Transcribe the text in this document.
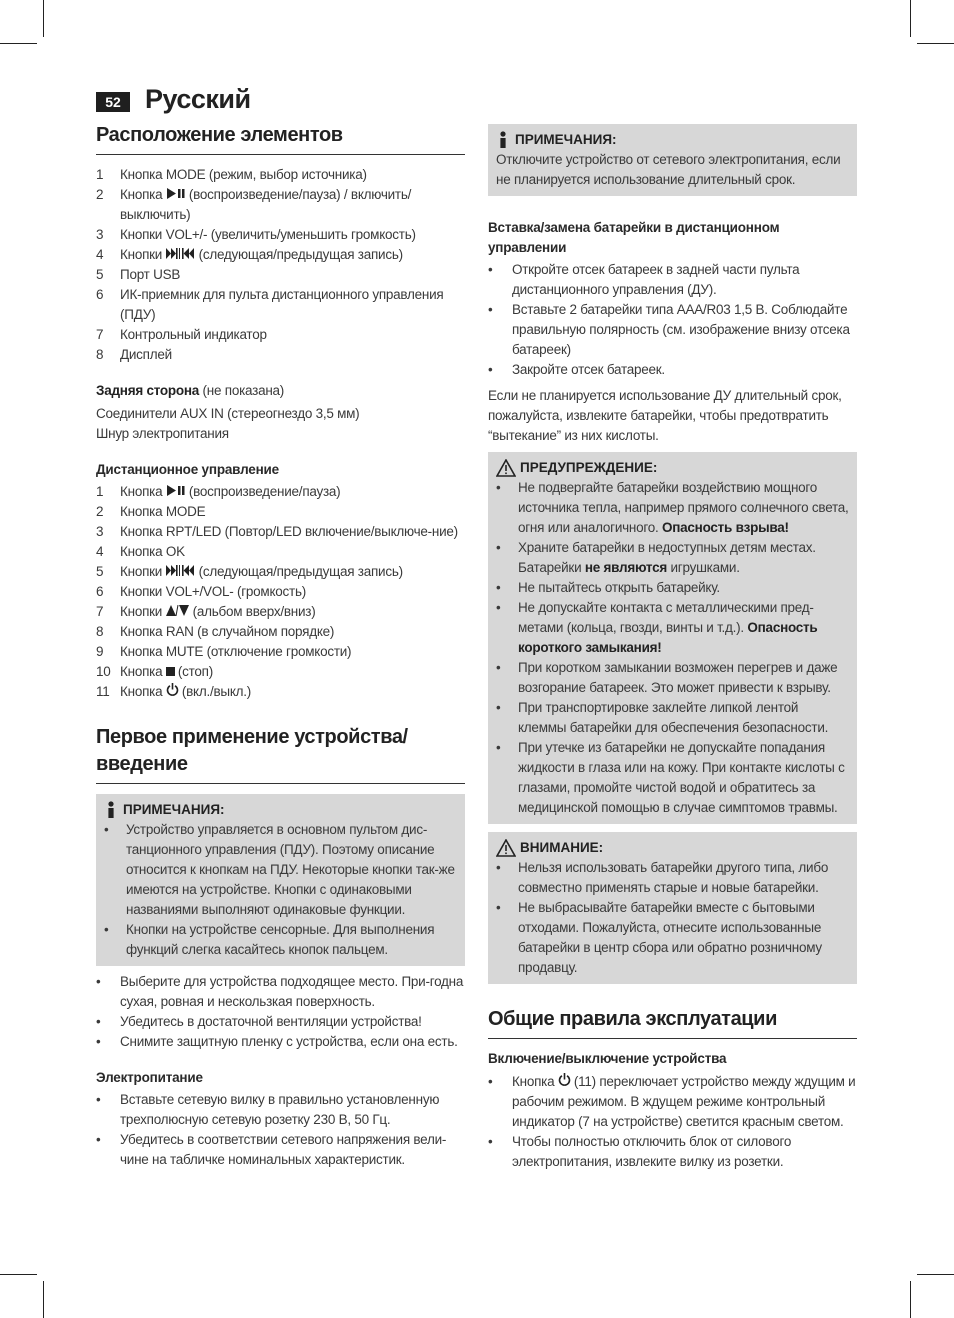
52 Русский
Расположение элементов
1	Кнопка MODE (режим, выбор источника)
2	Кнопка (воспроизведение/пауза) / включить/ выключить)
3	Кнопки VOL+/- (увеличить/уменьшить громкость)
4	Кнопки (следующая/предыдущая запись)
5	Порт USB
6	ИК-приемник для пульта дистанционного управления (ПДУ)
7	Контрольный индикатор
8	Дисплей
Задняя сторона (не показана)
Соединители AUX IN (стереогнездо 3,5 мм)
Шнур электропитания
Дистанционное управление
1	Кнопка (воспроизведение/пауза)
2	Кнопка MODE
3	Кнопка RPT/LED (Повтор/LED включение/выключе-ние)
4	Кнопка OK
5	Кнопки (следующая/предыдущая запись)
6	Кнопки VOL+/VOL- (громкость)
7	Кнопки (альбом вверх/вниз)
8	Кнопка RAN (в случайном порядке)
9	Кнопка MUTE (отключение громкости)
10 Кнопка (стоп)
11 Кнопка (вкл./выкл.)
Первое применение устройства/
введение
ПРИМЕЧАНИЯ:
•	Устройство управляется в основном пультом дис-танционного управления (ПДУ). Поэтому описание относится к кнопкам на ПДУ. Некоторые кнопки так-же имеются на устройстве. Кнопки с одинаковыми названиями выполняют одинаковые функции.
•	Кнопки на устройстве сенсорные. Для выполнения функций слегка касайтесь кнопок пальцем.
•	Выберите для устройства подходящее место. При-годна сухая, ровная и нескользкая поверхность.
•	Убедитесь в достаточной вентиляции устройства!
•	Снимите защитную пленку с устройства, если она есть.
Электропитание
•	Вставьте сетевую вилку в правильно установленную трехполюсную сетевую розетку 230 В, 50 Гц.
•	Убедитесь в соответствии сетевого напряжения вели-чине на табличке номинальных характеристик.
ПРИМЕЧАНИЯ:
Отключите устройство от сетевого электропитания, если не планируется использование длительный срок.
Вставка/замена батарейки в дистанционном управлении
•	Откройте отсек батареек в задней части пульта дистанционного управления (ДУ).
•	Вставьте 2 батарейки типа AAA/R03 1,5 В. Соблюдайте правильную полярность (см. изображение внизу отсека батареек)
•	Закройте отсек батареек.
Если не планируется использование ДУ длительный срок, пожалуйста, извлеките батарейки, чтобы предотвратить “вытекание” из них кислоты.
ПРЕДУПРЕЖДЕНИЕ:
•	Не подвергайте батарейки воздействию мощного источника тепла, например прямого солнечного света, огня или аналогичного. Опасность взрыва!
•	Храните батарейки в недоступных детям местах. Батарейки не являются игрушками.
•	Не пытайтесь открыть батарейку.
•	Не допускайте контакта с металлическими пред-метами (кольца, гвозди, винты и т.д.). Опасность короткого замыкания!
•	При коротком замыкании возможен перегрев и даже возгорание батареек. Это может привести к взрыву.
•	При транспортировке заклейте липкой лентой клеммы батарейки для обеспечения безопасности.
•	При утечке из батарейки не допускайте попадания жидкости в глаза или на кожу. При контакте кислоты с глазами, промойте чистой водой и обратитесь за медицинской помощью в случае симптомов травмы.
ВНИМАНИЕ:
•	Нельзя использовать батарейки другого типа, либо совместно применять старые и новые батарейки.
•	Не выбрасывайте батарейки вместе с бытовыми отходами. Пожалуйста, отнесите использованные батарейки в центр сбора или обратно розничному продавцу.
Общие правила эксплуатации
Включение/выключение устройства
•	Кнопка (11) переключает устройство между ждущим и рабочим режимом. В ждущем режиме контрольный индикатор (7 на устройстве) светится красным светом.
•	Чтобы полностью отключить блок от силового электропитания, извлеките вилку из розетки.
